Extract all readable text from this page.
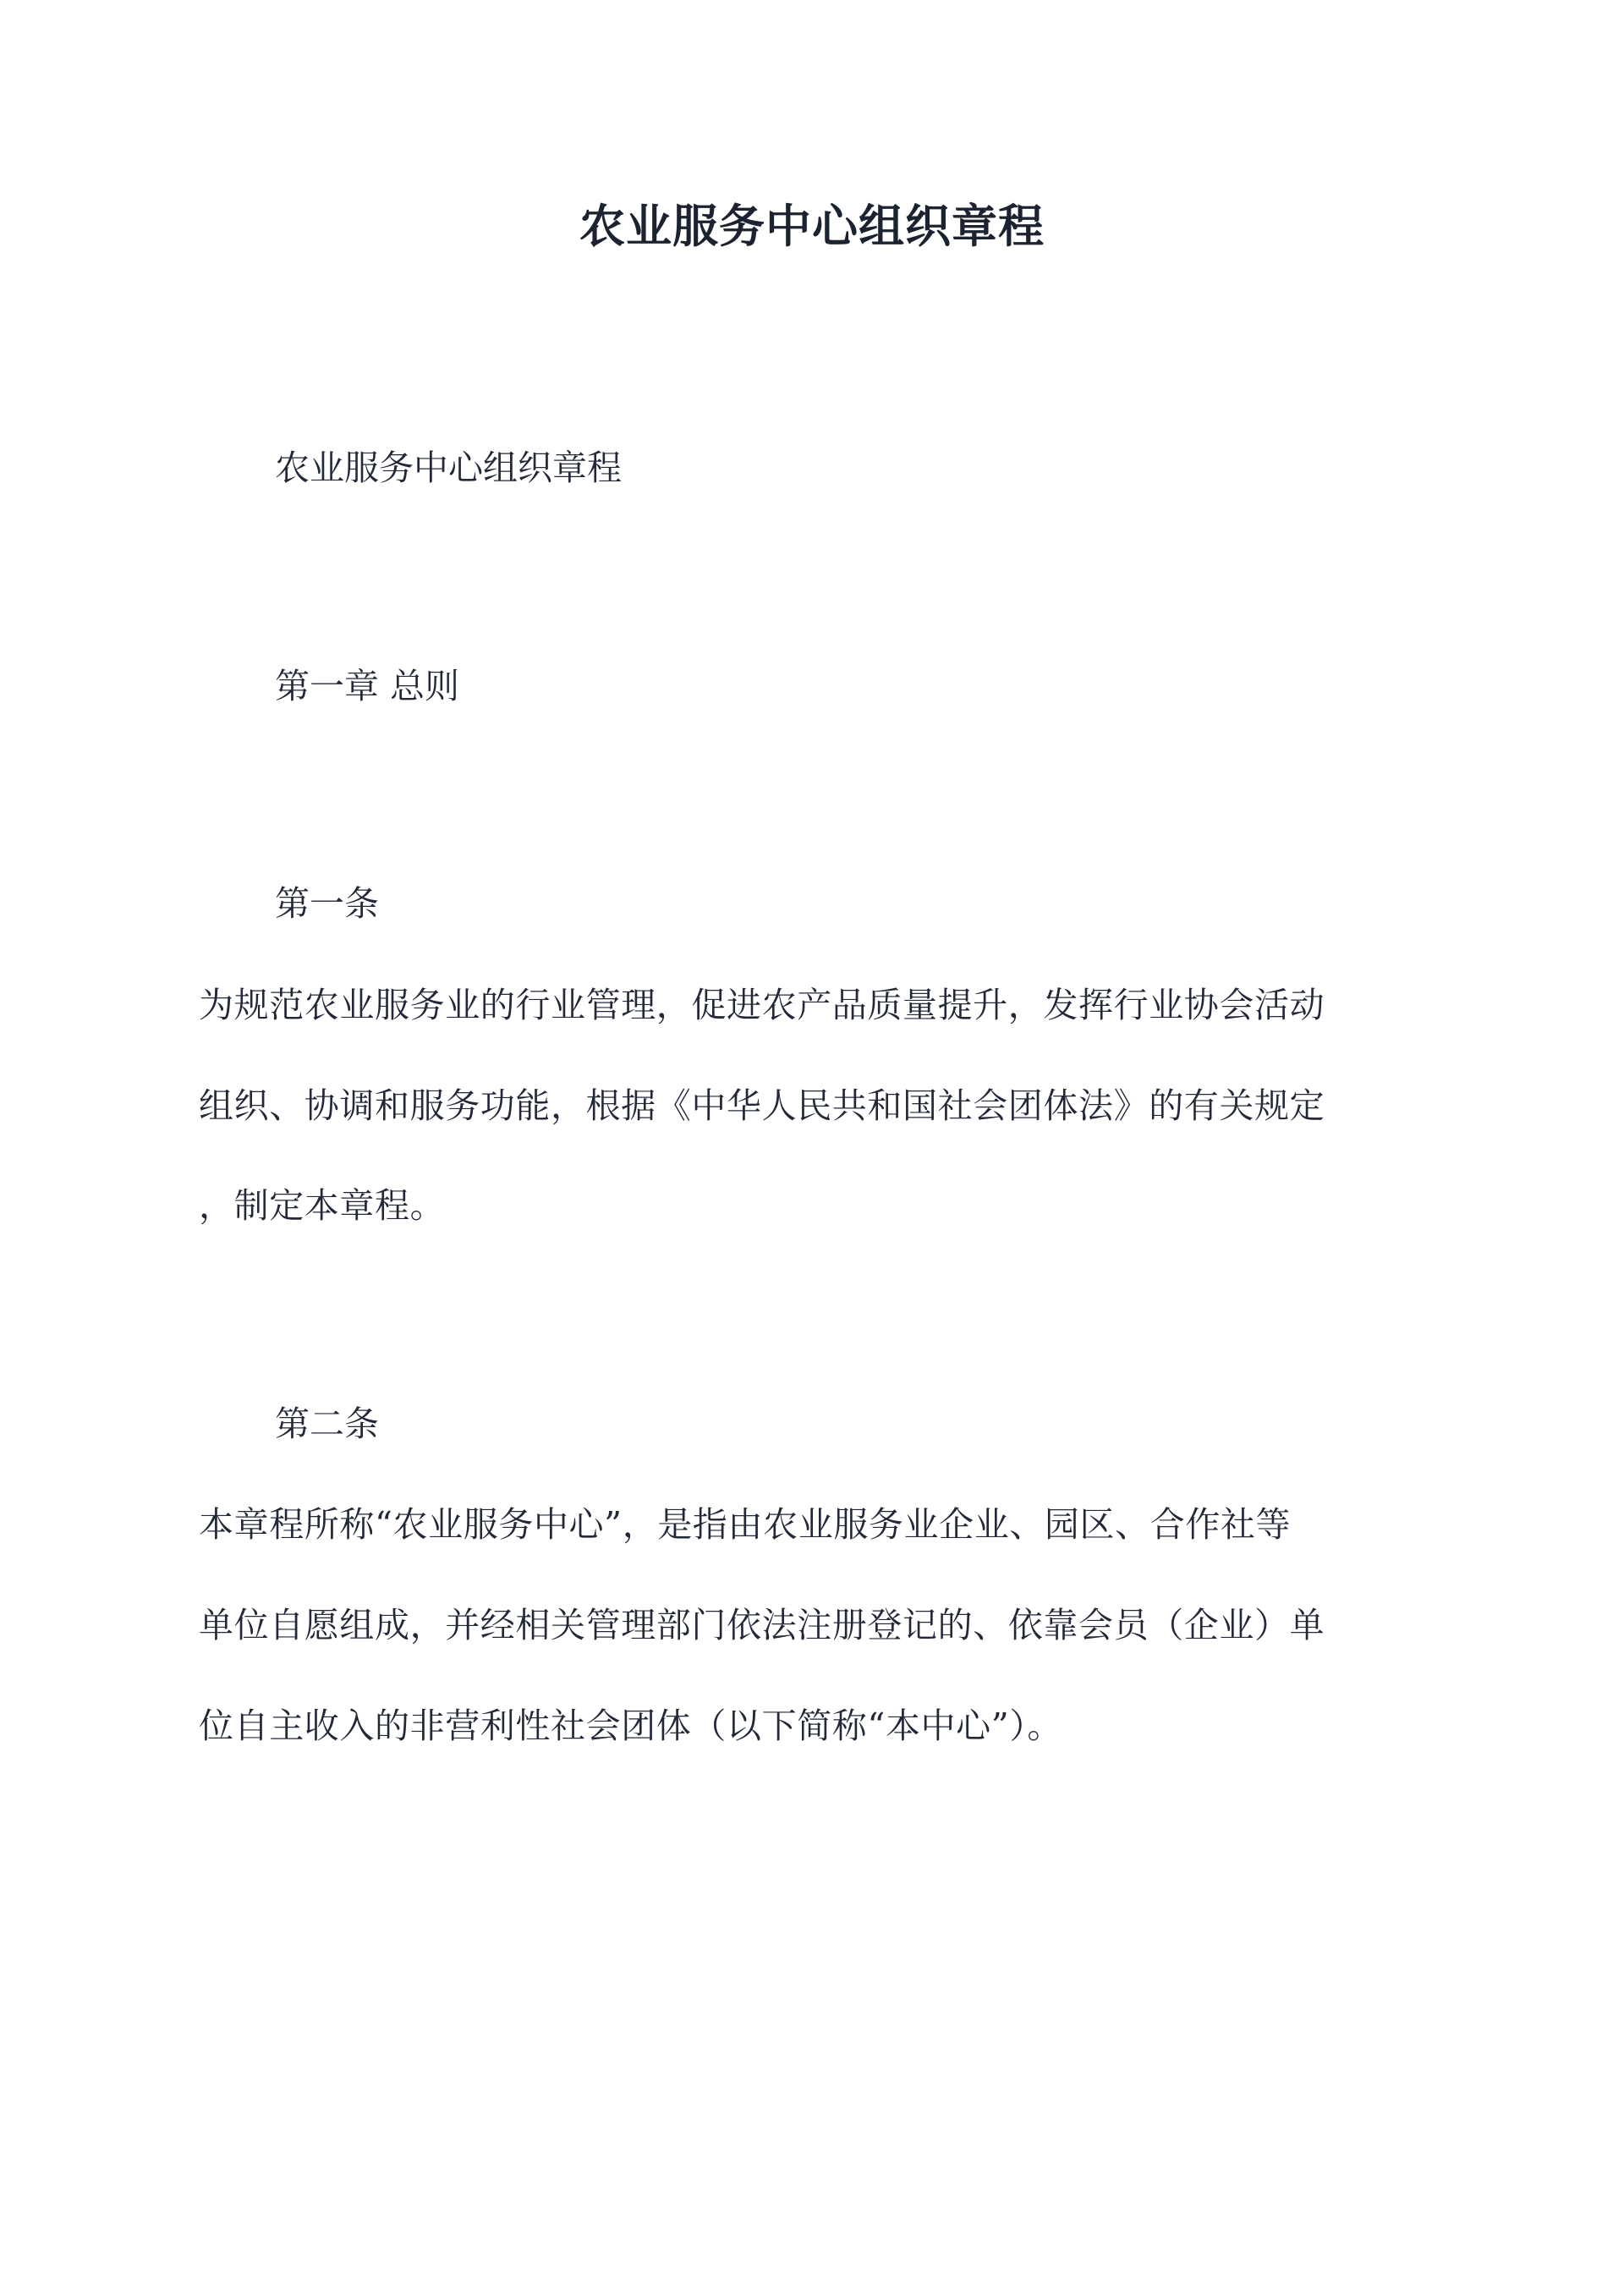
农业服务中心组织章程
农业服务中心组织章程
第一章 总则
第一条
为规范农业服务业的行业管理，促进农产品质量提升，发挥行业协会活动
组织、协调和服务功能，根据《中华人民共和国社会团体法》的有关规定
，制定本章程。
第二条
本章程所称“农业服务中心”，是指由农业服务业企业、园区、合作社等
单位自愿组成，并经相关管理部门依法注册登记的、依靠会员（企业）单
位自主收入的非营利性社会团体（以下简称“本中心”）。
